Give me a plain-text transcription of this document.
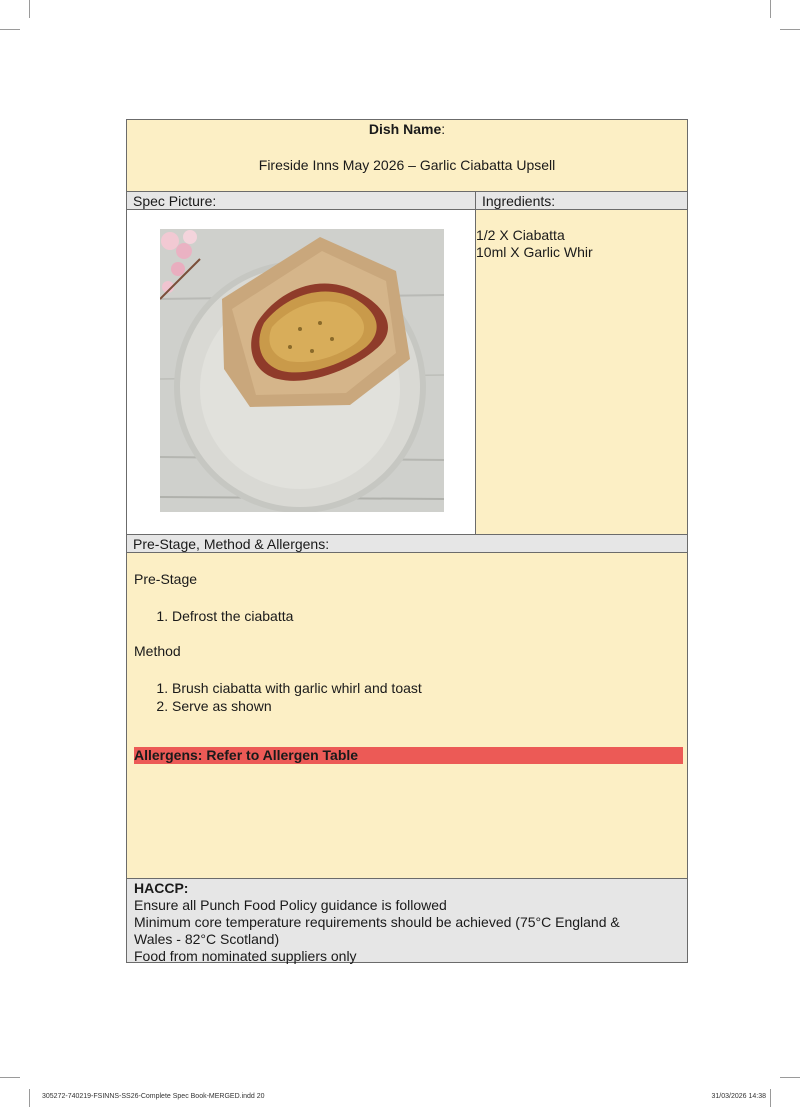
Dish Name:
Fireside Inns May 2026 – Garlic Ciabatta Upsell
Spec Picture:	Ingredients:
1/2 X Ciabatta
10ml X Garlic Whir
Pre-Stage, Method & Allergens:
Pre-Stage
1. Defrost the ciabatta
Method
1. Brush ciabatta with garlic whirl and toast
2. Serve as shown
Allergens: Refer to Allergen Table
HACCP:
Ensure all Punch Food Policy guidance is followed
Minimum core temperature requirements should be achieved (75°C England &
Wales - 82°C Scotland)
Food from nominated suppliers only
305272-740219-FSINNS-SS26-Complete Spec Book-MERGED.indd 20	31/03/2026 14:38
